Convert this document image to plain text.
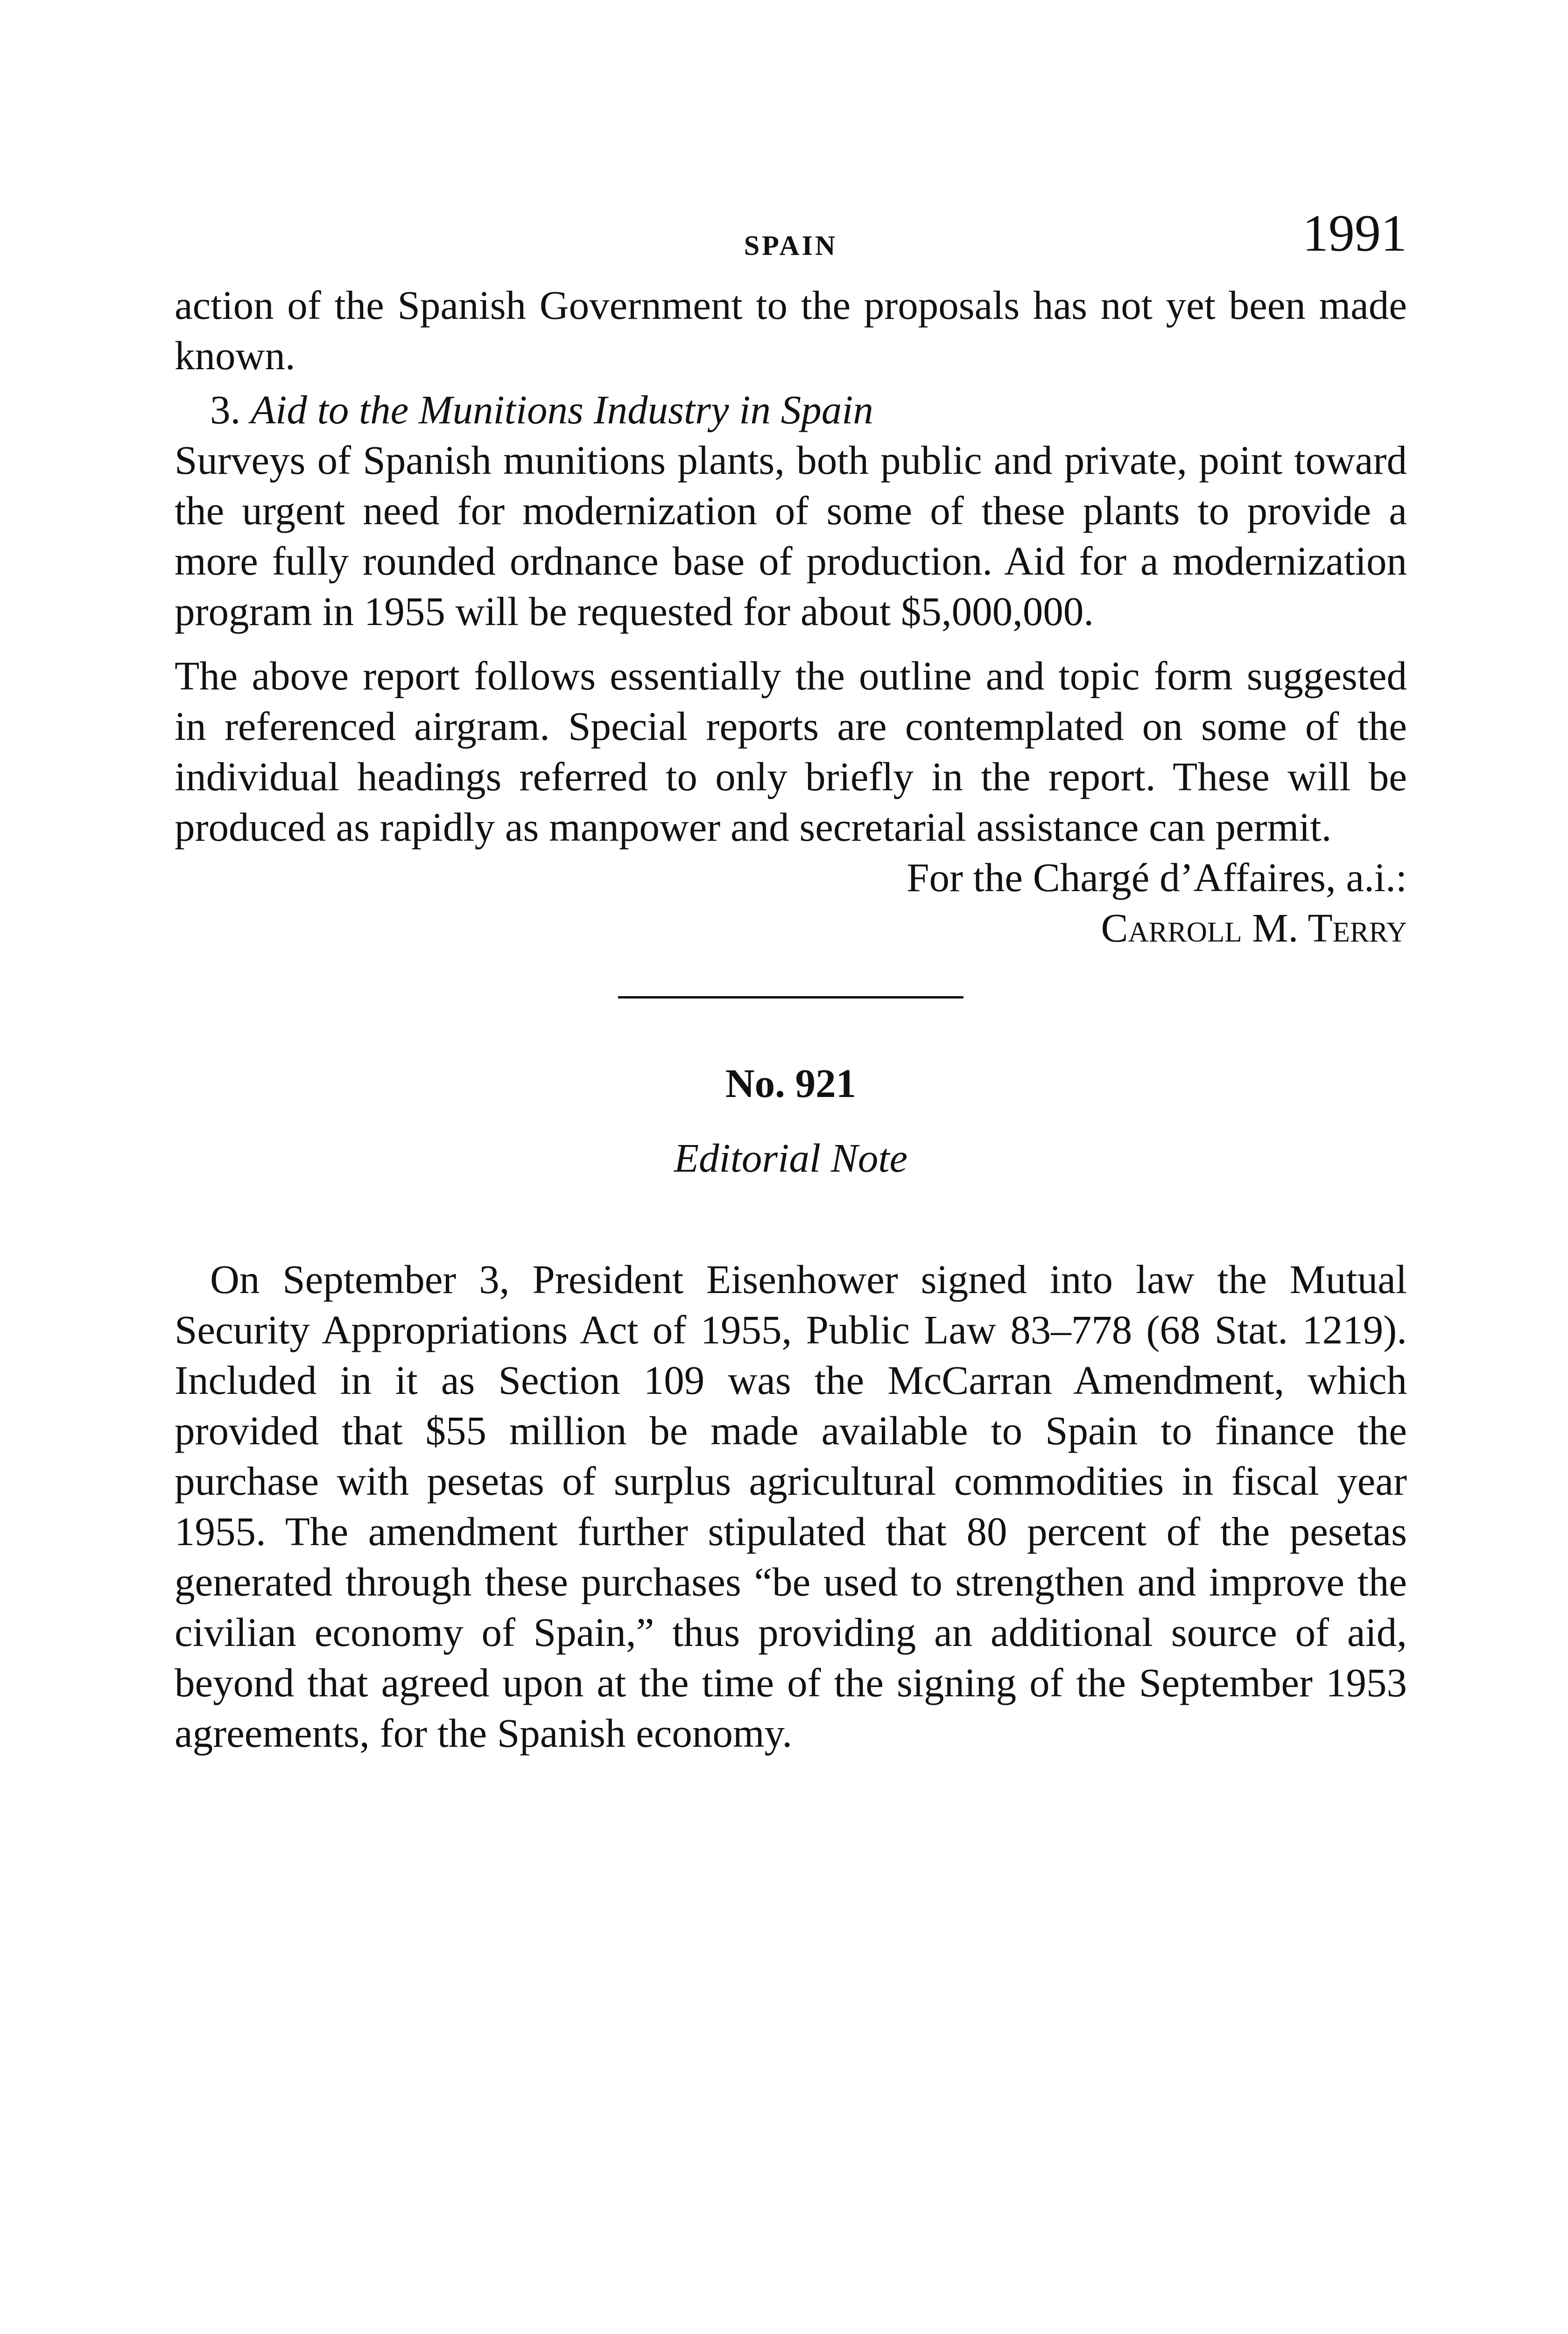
SPAIN	1991

action of the Spanish Government to the proposals has not yet been made known.

3. Aid to the Munitions Industry in Spain

Surveys of Spanish munitions plants, both public and private, point toward the urgent need for modernization of some of these plants to provide a more fully rounded ordnance base of production. Aid for a modernization program in 1955 will be requested for about $5,000,000.

The above report follows essentially the outline and topic form suggested in referenced airgram. Special reports are contemplated on some of the individual headings referred to only briefly in the report. These will be produced as rapidly as manpower and secretarial assistance can permit.

For the Chargé d’Affaires, a.i.:
Carroll M. Terry
No. 921
Editorial Note

On September 3, President Eisenhower signed into law the Mutual Security Appropriations Act of 1955, Public Law 83–778 (68 Stat. 1219). Included in it as Section 109 was the McCarran Amendment, which provided that $55 million be made available to Spain to finance the purchase with pesetas of surplus agricultural commodities in fiscal year 1955. The amendment further stipulated that 80 percent of the pesetas generated through these purchases “be used to strengthen and improve the civilian economy of Spain,” thus providing an additional source of aid, beyond that agreed upon at the time of the signing of the September 1953 agreements, for the Spanish economy.
